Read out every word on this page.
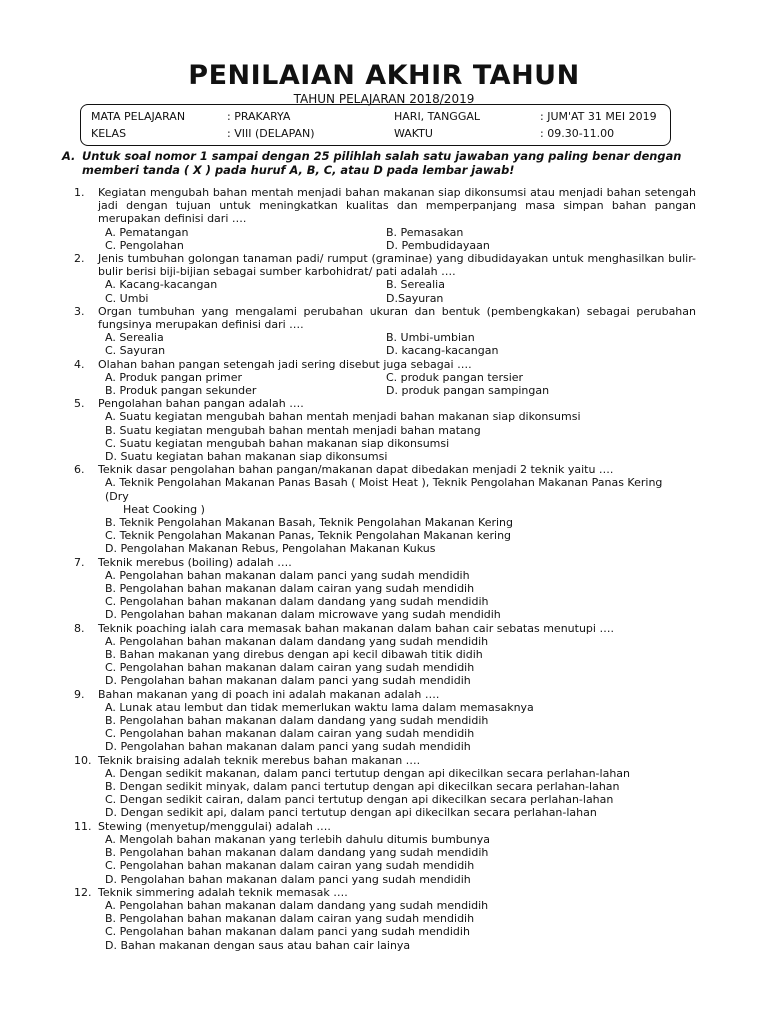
PENILAIAN AKHIR TAHUN
TAHUN PELAJARAN 2018/2019
MATA PELAJARAN	: PRAKARYA	HARI, TANGGAL	: JUM'AT 31 MEI 2019
KELAS	: VIII (DELAPAN)	WAKTU	: 09.30-11.00
A. Untuk soal nomor 1 sampai dengan 25 pilihlah salah satu jawaban yang paling benar dengan
memberi tanda ( X ) pada huruf A, B, C, atau D pada lembar jawab!
1.	Kegiatan mengubah bahan mentah menjadi bahan makanan siap dikonsumsi atau menjadi bahan setengah jadi dengan tujuan untuk meningkatkan kualitas dan memperpanjang masa simpan bahan pangan merupakan definisi dari ….
A. Pematangan	B. Pemasakan
C. Pengolahan	D. Pembudidayaan
2.	Jenis tumbuhan golongan tanaman padi/ rumput (graminae) yang dibudidayakan untuk menghasilkan bulir-bulir berisi biji-bijian sebagai sumber karbohidrat/ pati adalah ….
A. Kacang-kacangan	B. Serealia
C. Umbi	D.Sayuran
3.	Organ tumbuhan yang mengalami perubahan ukuran dan bentuk (pembengkakan) sebagai perubahan fungsinya merupakan definisi dari ….
A. Serealia	B. Umbi-umbian
C. Sayuran	D. kacang-kacangan
4.	Olahan bahan pangan setengah jadi sering disebut juga sebagai ….
A. Produk pangan primer	C. produk pangan tersier
B. Produk pangan sekunder	D. produk pangan sampingan
5.	Pengolahan bahan pangan adalah ….
A. Suatu kegiatan mengubah bahan mentah menjadi bahan makanan siap dikonsumsi
B. Suatu kegiatan mengubah bahan mentah menjadi bahan matang
C. Suatu kegiatan mengubah bahan makanan siap dikonsumsi
D. Suatu kegiatan bahan makanan siap dikonsumsi
6.	Teknik dasar pengolahan bahan pangan/makanan dapat dibedakan menjadi 2 teknik yaitu ….
A. Teknik Pengolahan Makanan Panas Basah ( Moist Heat ), Teknik Pengolahan Makanan Panas Kering (Dry
Heat Cooking )
B. Teknik Pengolahan Makanan Basah, Teknik Pengolahan Makanan Kering
C. Teknik Pengolahan Makanan Panas, Teknik Pengolahan Makanan kering
D. Pengolahan Makanan Rebus, Pengolahan Makanan Kukus
7.	Teknik merebus (boiling) adalah ….
A. Pengolahan bahan makanan dalam panci yang sudah mendidih
B. Pengolahan bahan makanan dalam cairan yang sudah mendidih
C. Pengolahan bahan makanan dalam dandang yang sudah mendidih
D. Pengolahan bahan makanan dalam microwave yang sudah mendidih
8.	Teknik poaching ialah cara memasak bahan makanan dalam bahan cair sebatas menutupi ….
A. Pengolahan bahan makanan dalam dandang yang sudah mendidih
B. Bahan makanan yang direbus dengan api kecil dibawah titik didih
C. Pengolahan bahan makanan dalam cairan yang sudah mendidih
D. Pengolahan bahan makanan dalam panci yang sudah mendidih
9.	Bahan makanan yang di poach ini adalah makanan adalah ….
A. Lunak atau lembut dan tidak memerlukan waktu lama dalam memasaknya
B. Pengolahan bahan makanan dalam dandang yang sudah mendidih
C. Pengolahan bahan makanan dalam cairan yang sudah mendidih
D. Pengolahan bahan makanan dalam panci yang sudah mendidih
10. Teknik braising adalah teknik merebus bahan makanan ….
A. Dengan sedikit makanan, dalam panci tertutup dengan api dikecilkan secara perlahan-lahan
B. Dengan sedikit minyak, dalam panci tertutup dengan api dikecilkan secara perlahan-lahan
C. Dengan sedikit cairan, dalam panci tertutup dengan api dikecilkan secara perlahan-lahan
D. Dengan sedikit api, dalam panci tertutup dengan api dikecilkan secara perlahan-lahan
11. Stewing (menyetup/menggulai) adalah ….
A. Mengolah bahan makanan yang terlebih dahulu ditumis bumbunya
B. Pengolahan bahan makanan dalam dandang yang sudah mendidih
C. Pengolahan bahan makanan dalam cairan yang sudah mendidih
D. Pengolahan bahan makanan dalam panci yang sudah mendidih
12. Teknik simmering adalah teknik memasak ….
A. Pengolahan bahan makanan dalam dandang yang sudah mendidih
B. Pengolahan bahan makanan dalam cairan yang sudah mendidih
C. Pengolahan bahan makanan dalam panci yang sudah mendidih
D. Bahan makanan dengan saus atau bahan cair lainya
